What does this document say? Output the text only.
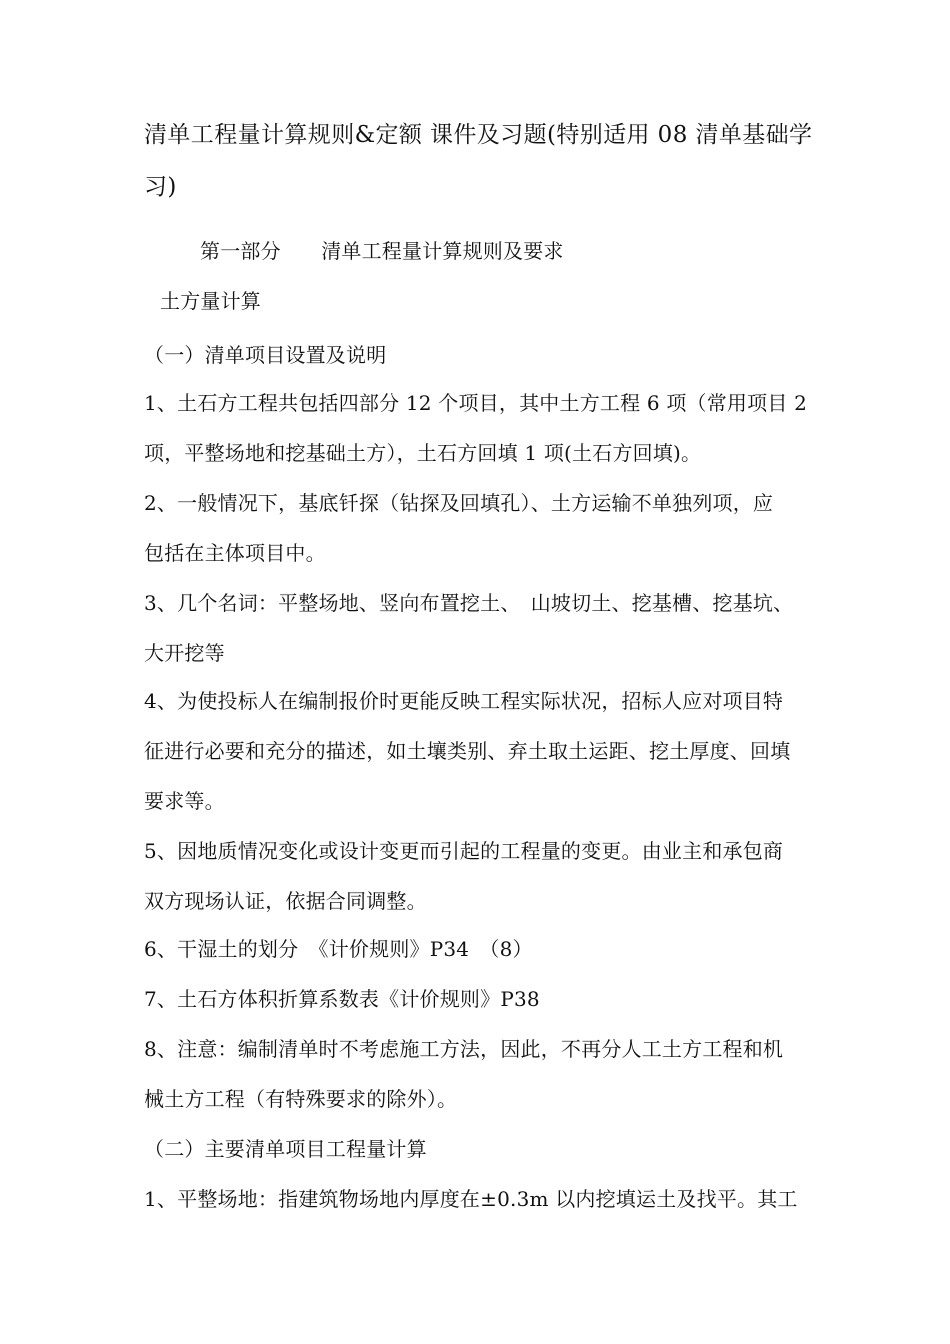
清单工程量计算规则&定额 课件及习题(特别适用 08 清单基础学
习)
第一部分　　清单工程量计算规则及要求
土方量计算
（一）清单项目设置及说明
1、土石方工程共包括四部分 12 个项目，其中土方工程 6 项（常用项目 2
项，平整场地和挖基础土方），土石方回填 1 项(土石方回填)。
2、一般情况下，基底钎探（钻探及回填孔）、土方运输不单独列项，应
包括在主体项目中。
3、几个名词：平整场地、竖向布置挖土、　山坡切土、挖基槽、挖基坑、
大开挖等
4、为使投标人在编制报价时更能反映工程实际状况，招标人应对项目特
征进行必要和充分的描述，如土壤类别、弃土取土运距、挖土厚度、回填
要求等。
5、因地质情况变化或设计变更而引起的工程量的变更。由业主和承包商
双方现场认证，依据合同调整。
6、干湿土的划分　《计价规则》P34　（8）
7、土石方体积折算系数表《计价规则》P38
8、注意：编制清单时不考虑施工方法，因此，不再分人工土方工程和机
械土方工程（有特殊要求的除外）。
（二）主要清单项目工程量计算
1、平整场地：指建筑物场地内厚度在±0.3m 以内挖填运土及找平。其工
